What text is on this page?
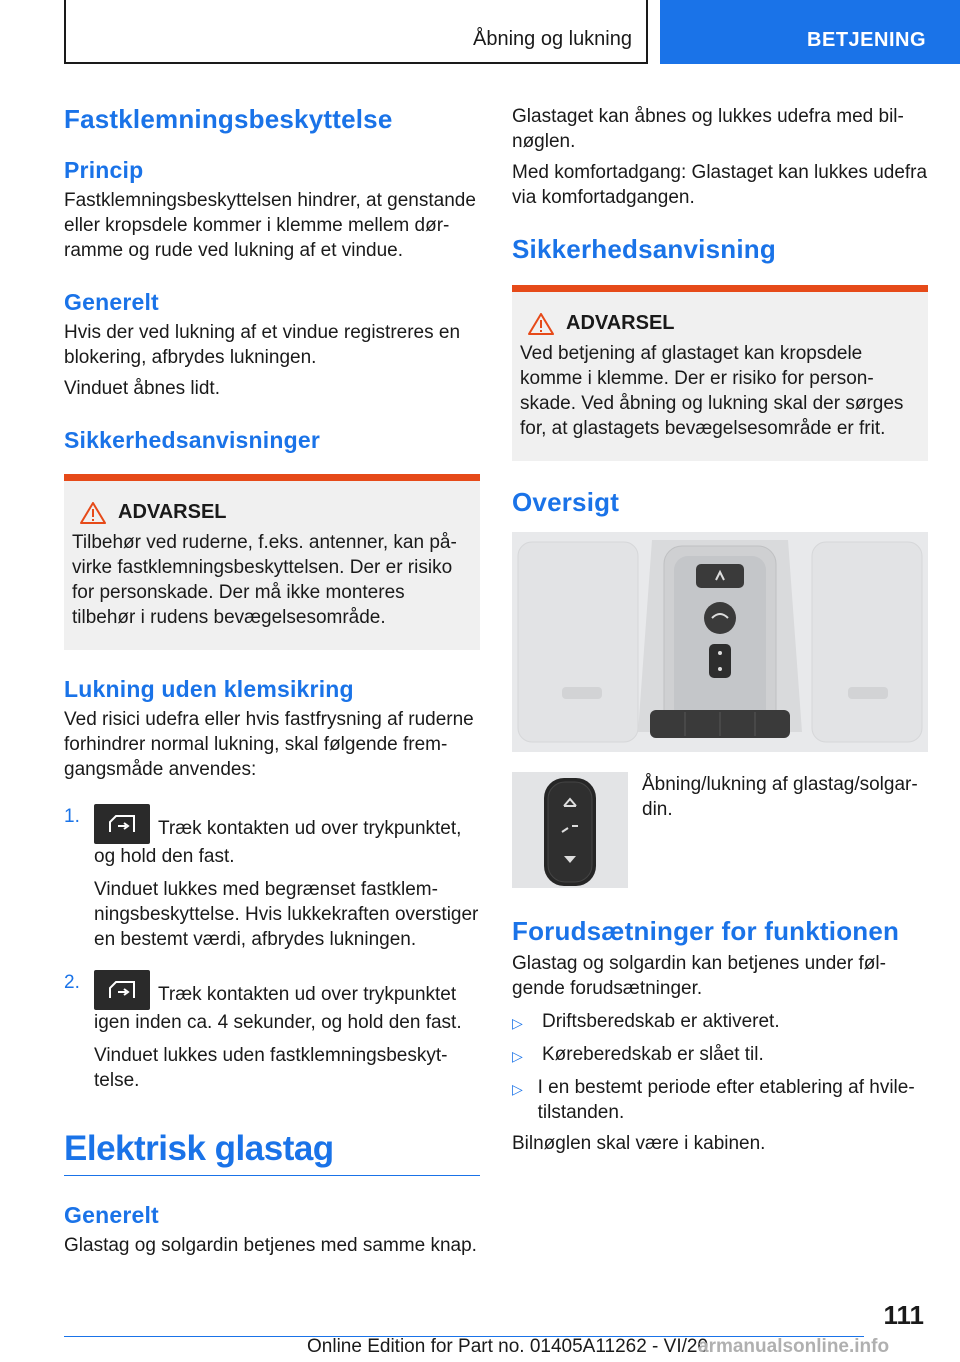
Åbning og lukning	BETJENING
Fastklemningsbeskyttelse
Princip

Fastklemningsbeskyttelsen hindrer, at genstande eller kropsdele kommer i klemme mellem dørramme og rude ved lukning af et vindue.

Generelt

Hvis der ved lukning af et vindue registreres en blokering, afbrydes lukningen.

Vinduet åbnes lidt.

Sikkerhedsanvisninger
ADVARSEL

Tilbehør ved ruderne, f.eks. antenner, kan påvirke fastklemningsbeskyttelsen. Der er risiko for personskade. Der må ikke monteres tilbehør i rudens bevægelsesområde.

Lukning uden klemsikring

Ved risici udefra eller hvis fastfrysning af ruderne forhindrer normal lukning, skal følgende fremgangsmåde anvendes:

1.
Træk kontakten ud over trykpunktet, og hold den fast.

Vinduet lukkes med begrænset fastklemningsbeskyttelse. Hvis lukkekraften overstiger en bestemt værdi, afbrydes lukningen.

2.
Træk kontakten ud over trykpunktet igen inden ca. 4 sekunder, og hold den fast.

Vinduet lukkes uden fastklemningsbeskyttelse.

Elektrisk glastag
Generelt

Glastag og solgardin betjenes med samme knap.

Glastaget kan åbnes og lukkes udefra med bilnøglen.

Med komfortadgang: Glastaget kan lukkes udefra via komfortadgangen.

Sikkerhedsanvisning
ADVARSEL

Ved betjening af glastaget kan kropsdele komme i klemme. Der er risiko for personskade. Ved åbning og lukning skal der sørges for, at glastagets bevægelsesområde er frit.

Oversigt

Åbning/lukning af glastag/solgardin.

Forudsætninger for funktionen

Glastag og solgardin kan betjenes under følgende forudsætninger.

▷	Driftsberedskab er aktiveret.
▷	Køreberedskab er slået til.
▷ I en bestemt periode efter etablering af hviletilstanden.

Bilnøglen skal være i kabinen.

111
Online Edition for Part no. 01405A11262 - VI/20
armanualsonline.info
